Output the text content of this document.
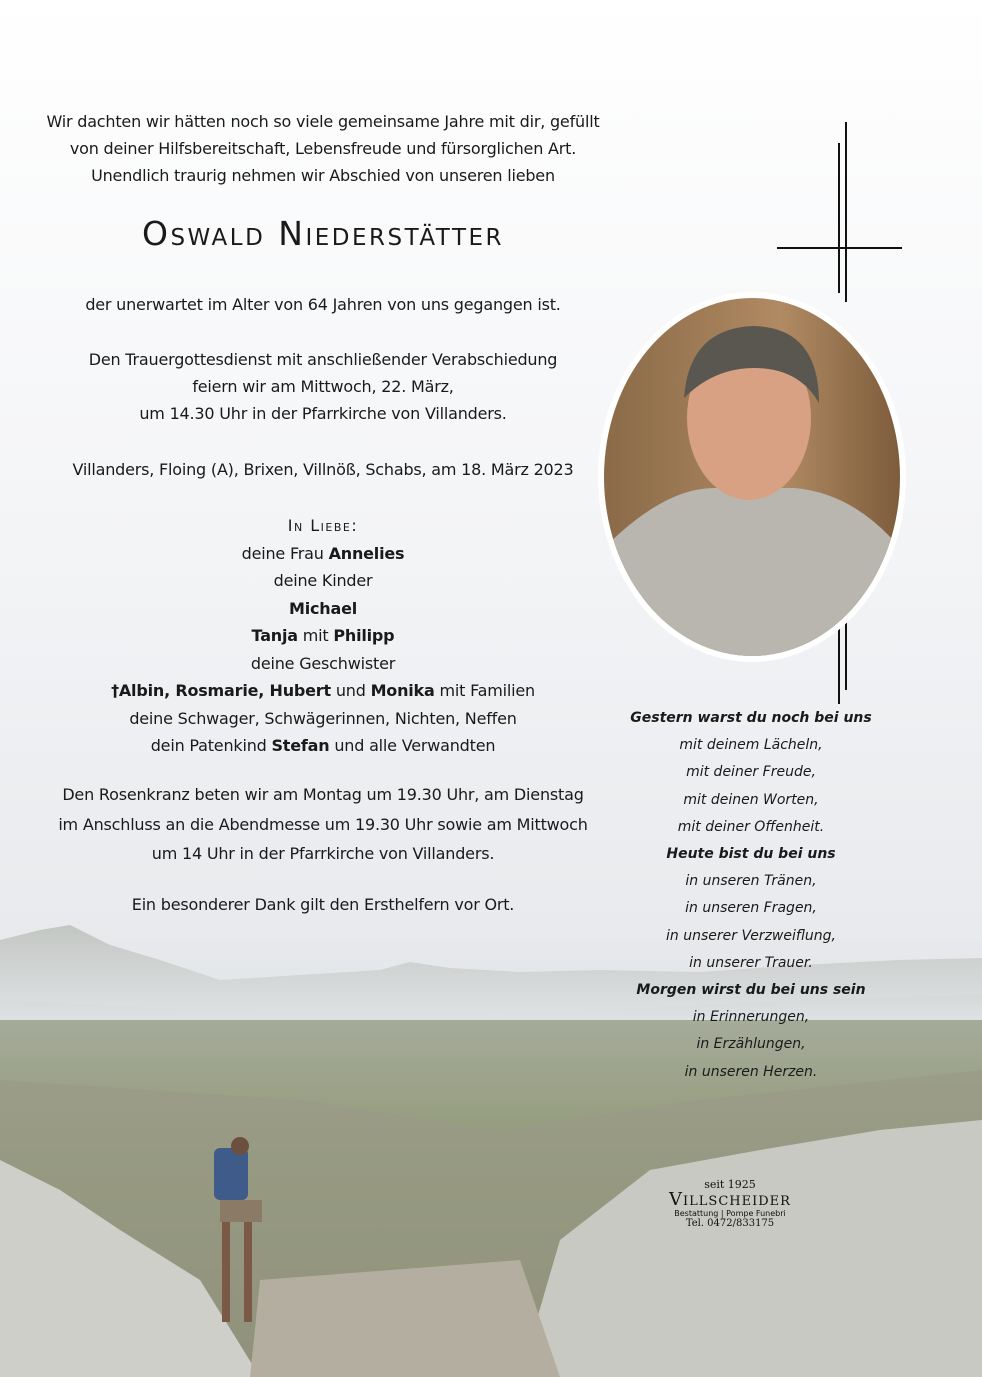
Wir dachten wir hätten noch so viele gemeinsame Jahre mit dir, gefüllt
von deiner Hilfsbereitschaft, Lebensfreude und fürsorglichen Art.
Unendlich traurig nehmen wir Abschied von unseren lieben
Oswald Niederstätter
der unerwartet im Alter von 64 Jahren von uns gegangen ist.
Den Trauergottesdienst mit anschließender Verabschiedung
feiern wir am Mittwoch, 22. März,
um 14.30 Uhr in der Pfarrkirche von Villanders.
Villanders, Floing (A), Brixen, Villnöß, Schabs, am 18. März 2023
In Liebe:
deine Frau Annelies
deine Kinder
Michael
Tanja mit Philipp
deine Geschwister
†Albin, Rosmarie, Hubert und Monika mit Familien
deine Schwager, Schwägerinnen, Nichten, Neffen
dein Patenkind Stefan und alle Verwandten
Den Rosenkranz beten wir am Montag um 19.30 Uhr, am Dienstag
im Anschluss an die Abendmesse um 19.30 Uhr sowie am Mittwoch
um 14 Uhr in der Pfarrkirche von Villanders.
Ein besonderer Dank gilt den Ersthelfern vor Ort.
Gestern warst du noch bei uns
mit deinem Lächeln,
mit deiner Freude,
mit deinen Worten,
mit deiner Offenheit.
Heute bist du bei uns
in unseren Tränen,
in unseren Fragen,
in unserer Verzweiflung,
in unserer Trauer.
Morgen wirst du bei uns sein
in Erinnerungen,
in Erzählungen,
in unseren Herzen.
seit 1925
Villscheider
Bestattung | Pompe Funebri
Tel. 0472/833175
